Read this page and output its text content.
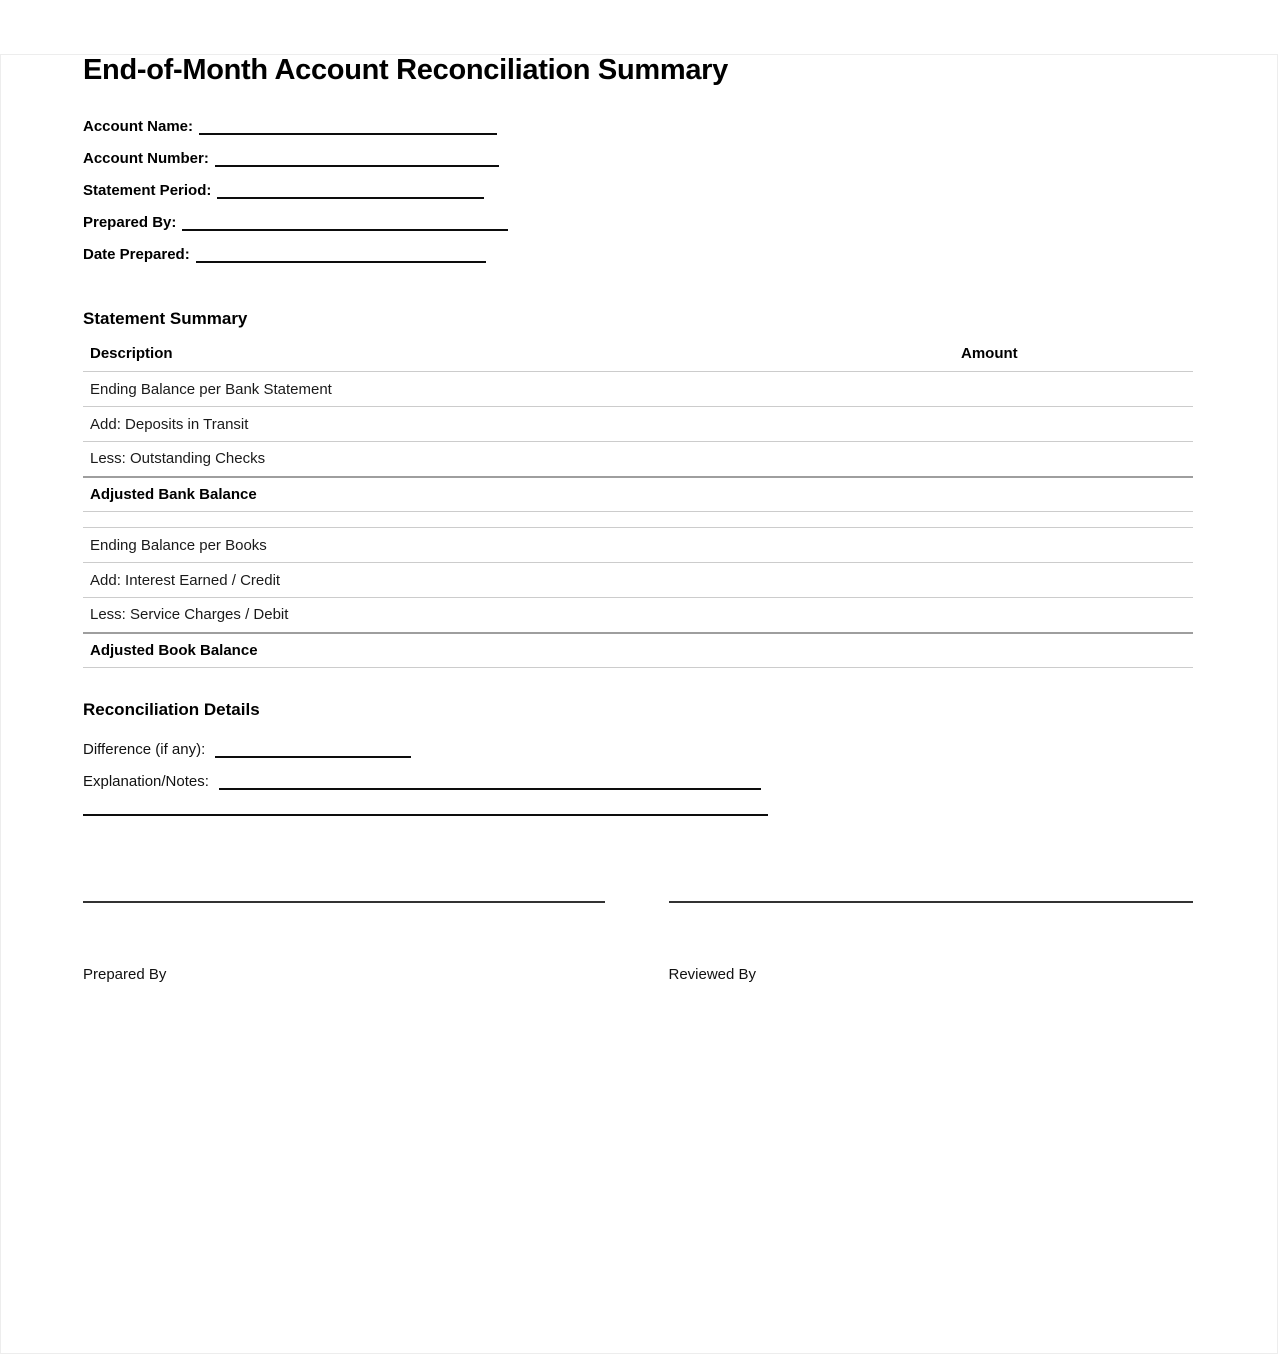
End-of-Month Account Reconciliation Summary
Account Name:
Account Number:
Statement Period:
Prepared By:
Date Prepared:
Statement Summary
Description	Amount
Ending Balance per Bank Statement	
Add: Deposits in Transit	
Less: Outstanding Checks	
Adjusted Bank Balance	

Ending Balance per Books	
Add: Interest Earned / Credit	
Less: Service Charges / Debit	
Adjusted Book Balance	
Reconciliation Details
Difference (if any):
Explanation/Notes:
Prepared By	Reviewed By
